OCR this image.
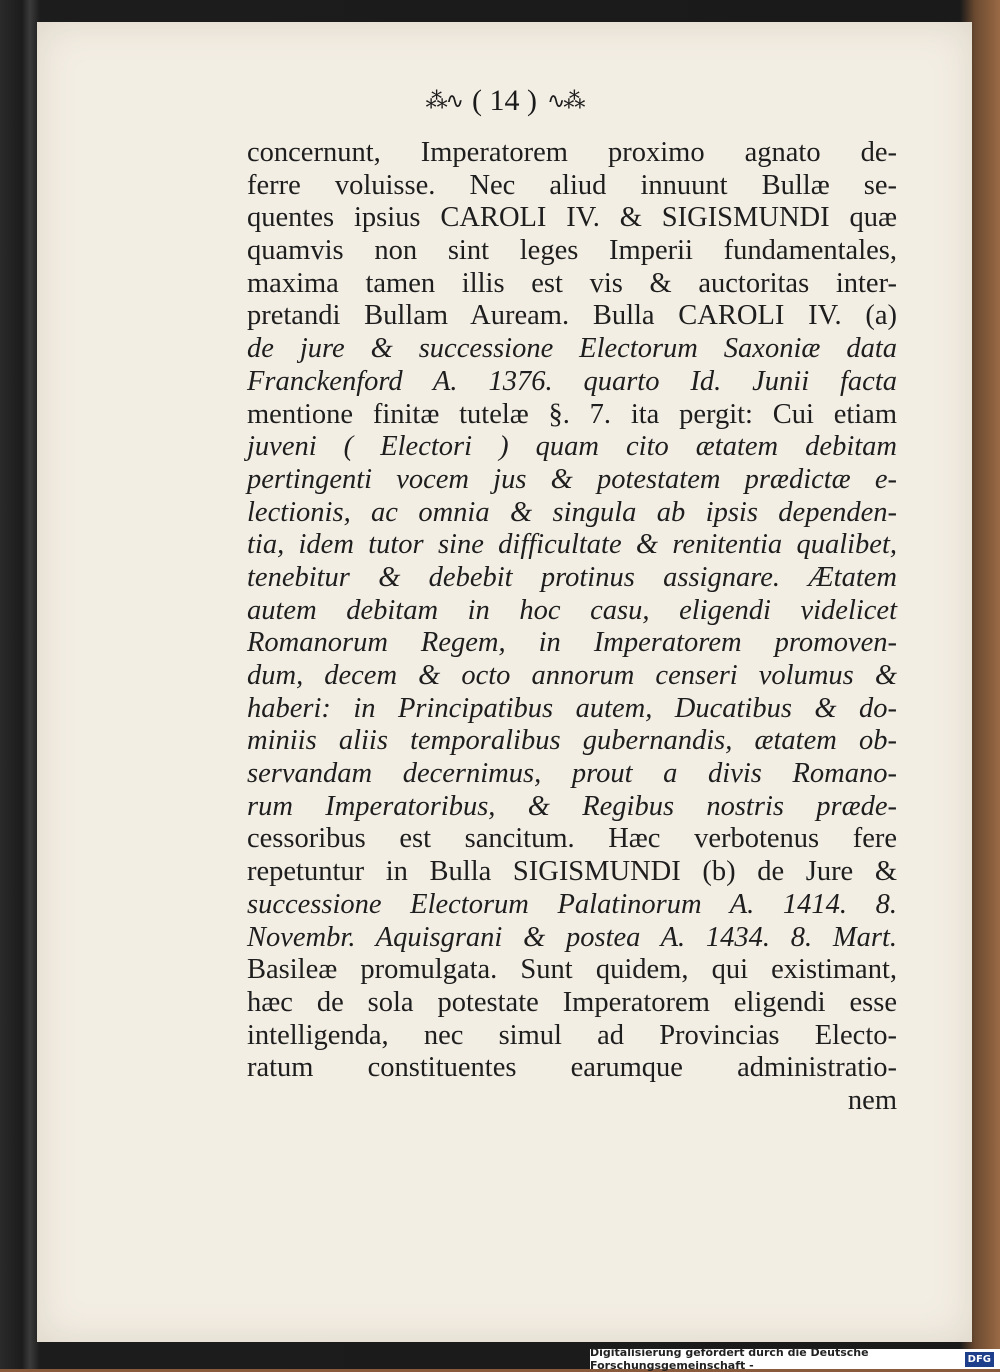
⁂∿ ( 14 ) ∿⁂
concernunt, Imperatorem proximo agnato de-
ferre voluisse. Nec aliud innuunt Bullæ se-
quentes ipsius CAROLI IV. & SIGISMUNDI quæ
quamvis non sint leges Imperii fundamentales,
maxima tamen illis est vis & auctoritas inter-
pretandi Bullam Auream. Bulla CAROLI IV. (a)
de jure & successione Electorum Saxoniæ data
Franckenford A. 1376. quarto Id. Junii facta
mentione finitæ tutelæ §. 7. ita pergit: Cui etiam
juveni ( Electori ) quam cito ætatem debitam
pertingenti vocem jus & potestatem prædictæ e-
lectionis, ac omnia & singula ab ipsis dependen-
tia, idem tutor sine difficultate & renitentia qualibet,
tenebitur & debebit protinus assignare. Ætatem
autem debitam in hoc casu, eligendi videlicet
Romanorum Regem, in Imperatorem promoven-
dum, decem & octo annorum censeri volumus &
haberi: in Principatibus autem, Ducatibus & do-
miniis aliis temporalibus gubernandis, ætatem ob-
servandam decernimus, prout a divis Romano-
rum Imperatoribus, & Regibus nostris præde-
cessoribus est sancitum. Hæc verbotenus fere
repetuntur in Bulla SIGISMUNDI (b) de Jure &
successione Electorum Palatinorum A. 1414. 8.
Novembr. Aquisgrani & postea A. 1434. 8. Mart.
Basileæ promulgata. Sunt quidem, qui existimant,
hæc de sola potestate Imperatorem eligendi esse
intelligenda, nec simul ad Provincias Electo-
ratum constituentes earumque administratio-
nem
Digitalisierung gefördert durch die Deutsche Forschungsgemeinschaft -	DFG
